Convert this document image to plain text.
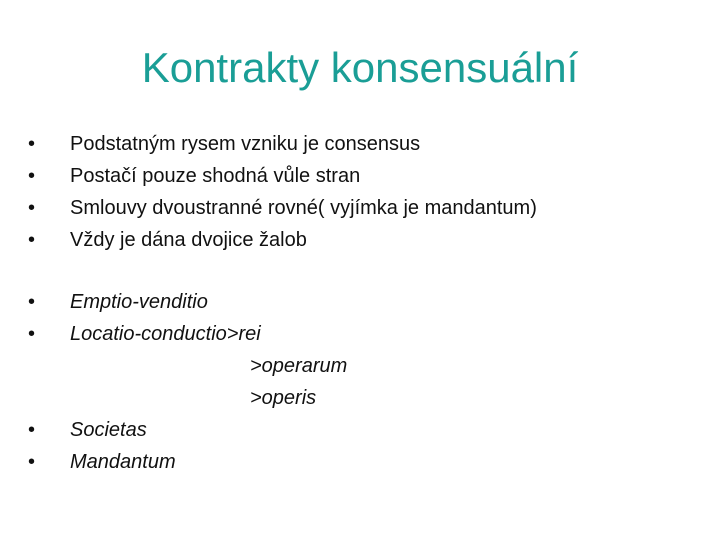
Kontrakty konsensuální
•	Podstatným rysem vzniku je consensus
•	Postačí pouze shodná vůle stran
•	Smlouvy dvoustranné rovné( vyjímka je mandantum)
•	Vždy je dána dvojice žalob
•	Emptio-venditio
•	Locatio-conductio>rei
>operarum
>operis
•	Societas
•	Mandantum
